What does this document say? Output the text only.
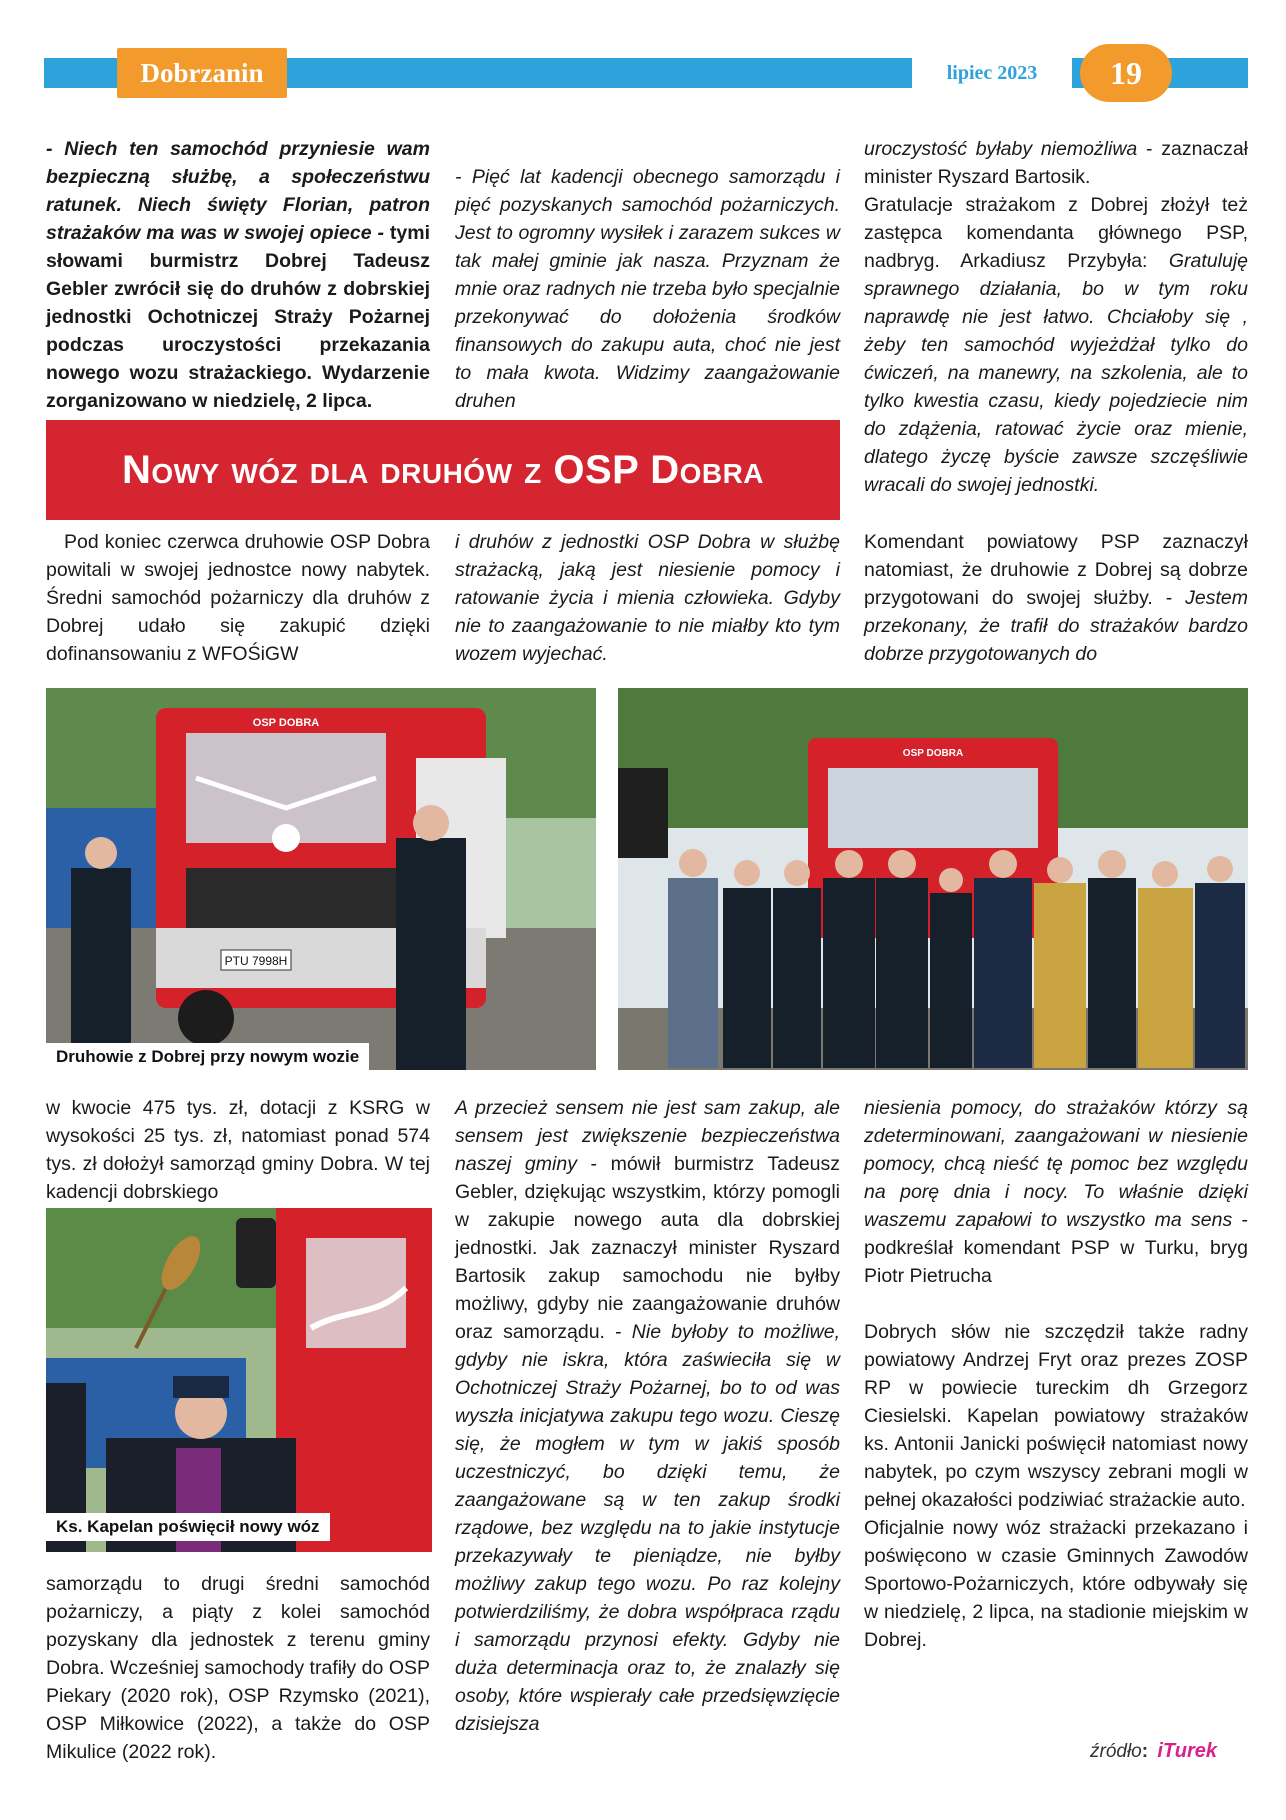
Dobrzanin	lipiec 2023	19

- Niech ten samochód przyniesie wam bezpieczną służbę, a społeczeństwu ratunek. Niech święty Florian, patron strażaków ma was w swojej opiece - tymi słowami burmistrz Dobrej Tadeusz Gebler zwrócił się do druhów z dobrskiej jednostki Ochotniczej Straży Pożarnej podczas uroczystości przekazania nowego wozu strażackiego. Wydarzenie zorganizowano w niedzielę, 2 lipca.

- Pięć lat kadencji obecnego samorządu i pięć pozyskanych samochód pożarniczych. Jest to ogromny wysiłek i zarazem sukces w tak małej gminie jak nasza. Przyznam że mnie oraz radnych nie trzeba było specjalnie przekonywać do dołożenia środków finansowych do zakupu auta, choć nie jest to mała kwota. Widzimy zaangażowanie druhen

uroczystość byłaby niemożliwa - zaznaczał minister Ryszard Bartosik.

Gratulacje strażakom z Dobrej złożył też zastępca komendanta głównego PSP, nadbryg. Arkadiusz Przybyła: Gratuluję sprawnego działania, bo w tym roku naprawdę nie jest łatwo. Chciałoby się , żeby ten samochód wyjeżdżał tylko do ćwiczeń, na manewry, na szkolenia, ale to tylko kwestia czasu, kiedy pojedziecie nim do zdążenia, ratować życie oraz mienie, dlatego życzę byście zawsze szczęśliwie wracali do swojej jednostki.

Nowy wóz dla druhów z OSP Dobra

Pod koniec czerwca druhowie OSP Dobra powitali w swojej jednostce nowy nabytek. Średni samochód pożarniczy dla druhów z Dobrej udało się zakupić dzięki dofinansowaniu z WFOŚiGW

i druhów z jednostki OSP Dobra w służbę strażacką, jaką jest niesienie pomocy i ratowanie życia i mienia człowieka. Gdyby nie to zaangażowanie to nie miałby kto tym wozem wyjechać.

Komendant powiatowy PSP zaznaczył natomiast, że druhowie z Dobrej są dobrze przygotowani do swojej służby. - Jestem przekonany, że trafił do strażaków bardzo dobrze przygotowanych do

PTU 7998H
OSP DOBRA
Druhowie z Dobrej przy nowym wozie
OSP DOBRA

w kwocie 475 tys. zł, dotacji z KSRG w wysokości 25 tys. zł, natomiast ponad 574 tys. zł dołożył samorząd gminy Dobra. W tej kadencji dobrskiego

Ks. Kapelan poświęcił nowy wóz

samorządu to drugi średni samochód pożarniczy, a piąty z kolei samochód pozyskany dla jednostek z terenu gminy Dobra. Wcześniej samochody trafiły do OSP Piekary (2020 rok), OSP Rzymsko (2021), OSP Miłkowice (2022), a także do OSP Mikulice (2022 rok).

A przecież sensem nie jest sam zakup, ale sensem jest zwiększenie bezpieczeństwa naszej gminy - mówił burmistrz Tadeusz Gebler, dziękując wszystkim, którzy pomogli w zakupie nowego auta dla dobrskiej jednostki. Jak zaznaczył minister Ryszard Bartosik zakup samochodu nie byłby możliwy, gdyby nie zaangażowanie druhów oraz samorządu. - Nie byłoby to możliwe, gdyby nie iskra, która zaświeciła się w Ochotniczej Straży Pożarnej, bo to od was wyszła inicjatywa zakupu tego wozu. Cieszę się, że mogłem w tym w jakiś sposób uczestniczyć, bo dzięki temu, że zaangażowane są w ten zakup środki rządowe, bez względu na to jakie instytucje przekazywały te pieniądze, nie byłby możliwy zakup tego wozu. Po raz kolejny potwierdziliśmy, że dobra współpraca rządu i samorządu przynosi efekty. Gdyby nie duża determinacja oraz to, że znalazły się osoby, które wspierały całe przedsięwzięcie dzisiejsza

niesienia pomocy, do strażaków którzy są zdeterminowani, zaangażowani w niesienie pomocy, chcą nieść tę pomoc bez względu na porę dnia i nocy. To właśnie dzięki waszemu zapałowi to wszystko ma sens - podkreślał komendant PSP w Turku, bryg Piotr Pietrucha

Dobrych słów nie szczędził także radny powiatowy Andrzej Fryt oraz prezes ZOSP RP w powiecie tureckim dh Grzegorz Ciesielski. Kapelan powiatowy strażaków ks. Antonii Janicki poświęcił natomiast nowy nabytek, po czym wszyscy zebrani mogli w pełnej okazałości podziwiać strażackie auto.

Oficjalnie nowy wóz strażacki przekazano i poświęcono w czasie Gminnych Zawodów Sportowo-Pożarniczych, które odbywały się w niedzielę, 2 lipca, na stadionie miejskim w Dobrej.

źródło: iTurek
